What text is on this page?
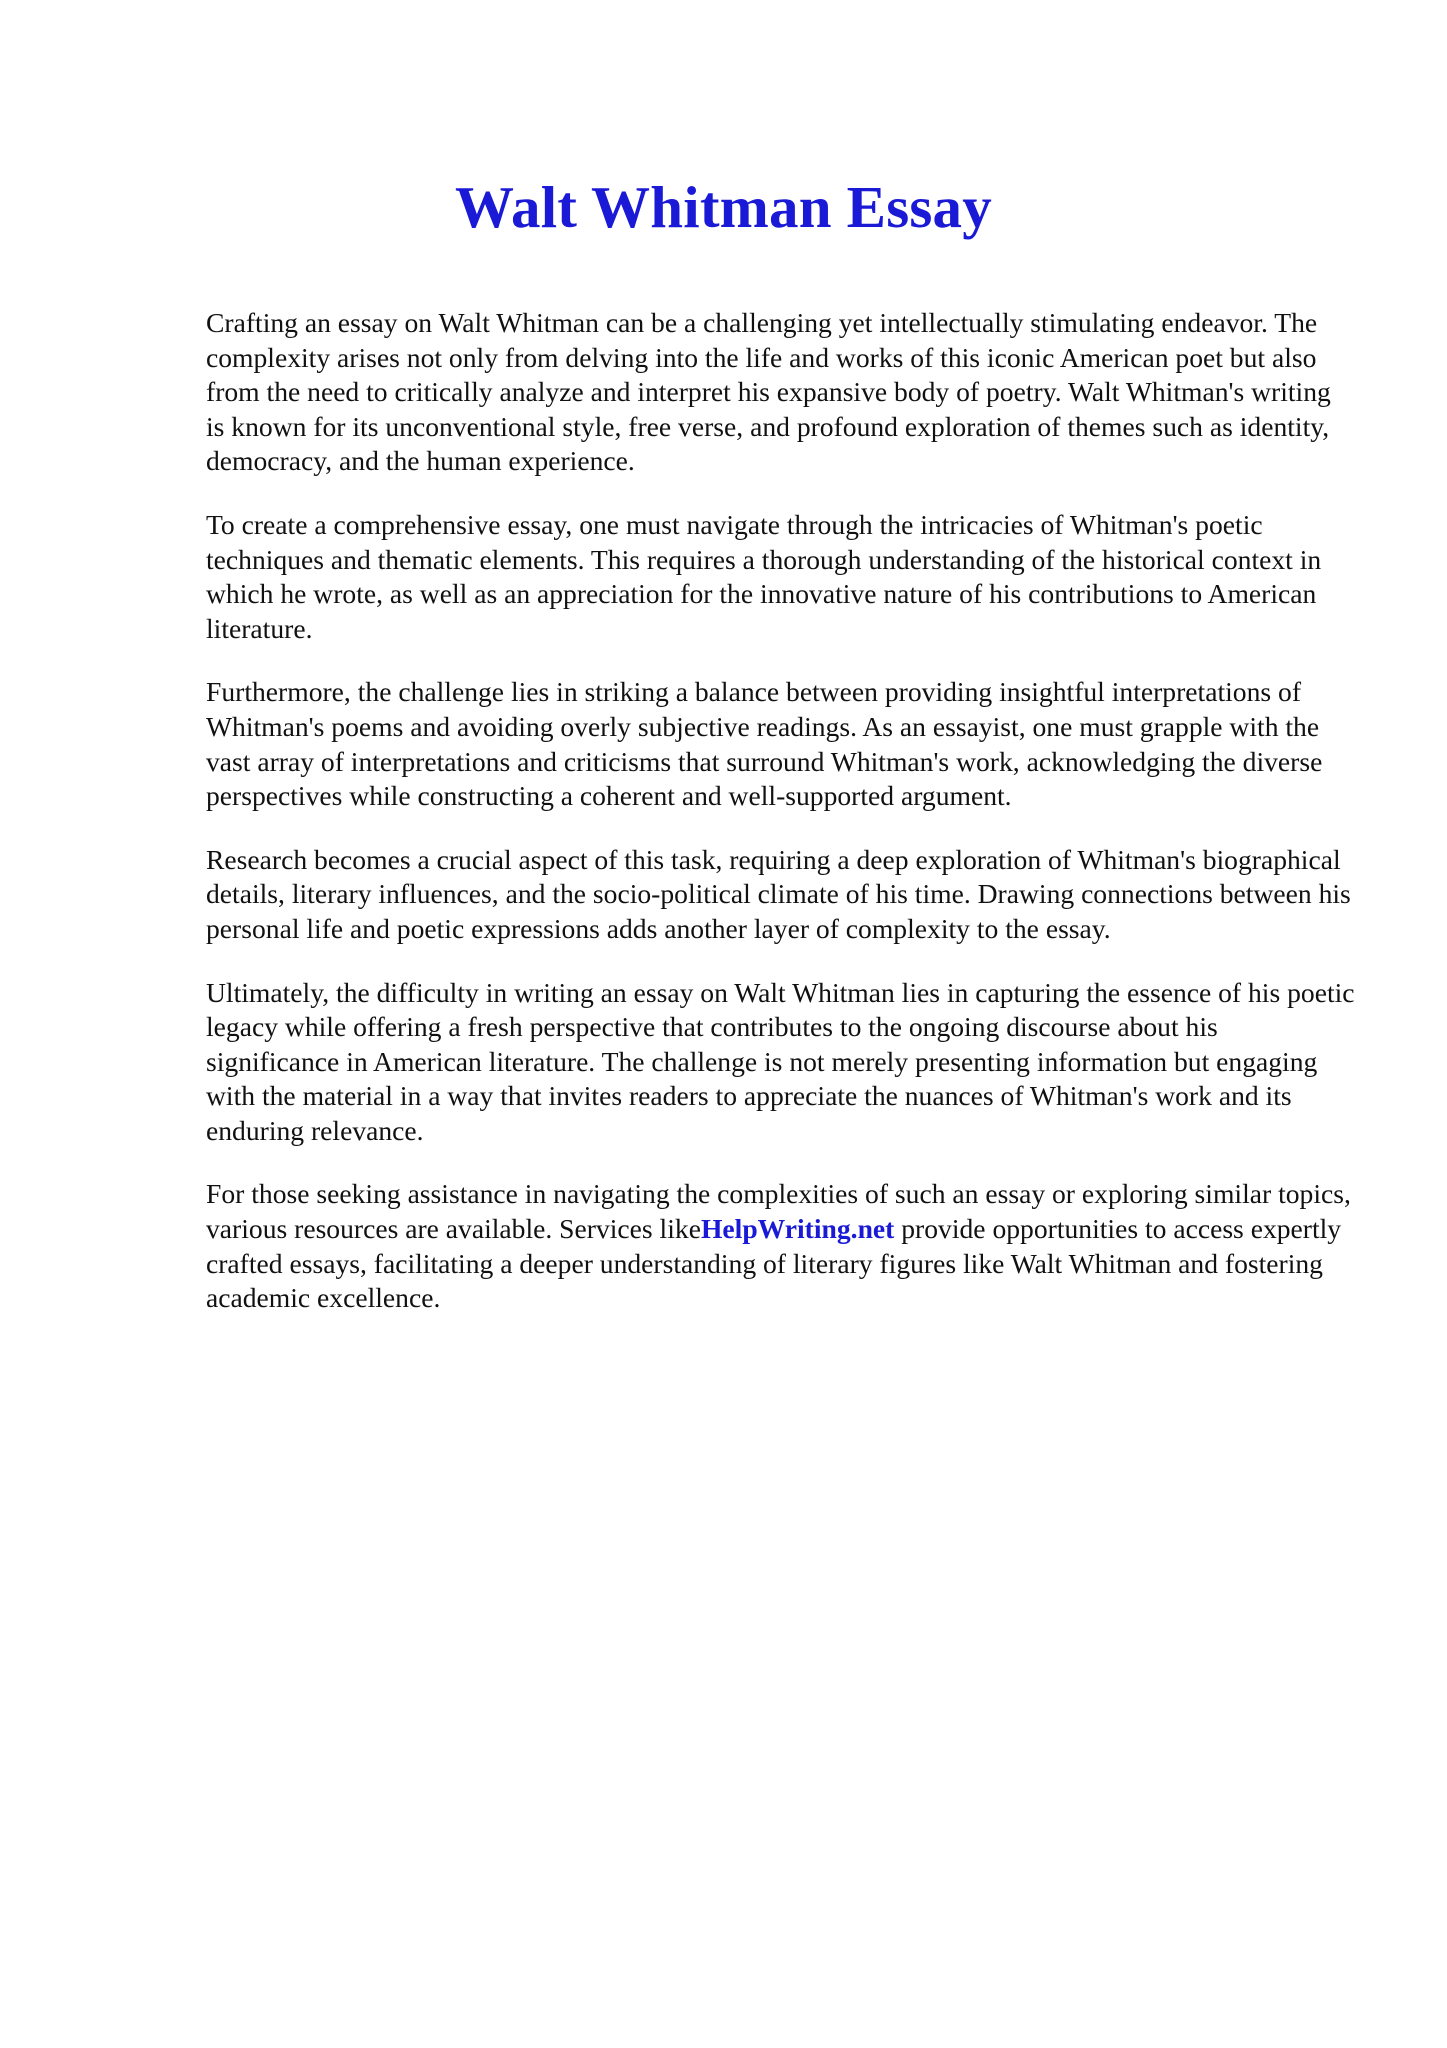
Walt Whitman Essay

Crafting an essay on Walt Whitman can be a challenging yet intellectually stimulating endeavor. The complexity arises not only from delving into the life and works of this iconic American poet but also from the need to critically analyze and interpret his expansive body of poetry. Walt Whitman's writing is known for its unconventional style, free verse, and profound exploration of themes such as identity, democracy, and the human experience.

To create a comprehensive essay, one must navigate through the intricacies of Whitman's poetic techniques and thematic elements. This requires a thorough understanding of the historical context in which he wrote, as well as an appreciation for the innovative nature of his contributions to American literature.

Furthermore, the challenge lies in striking a balance between providing insightful interpretations of Whitman's poems and avoiding overly subjective readings. As an essayist, one must grapple with the vast array of interpretations and criticisms that surround Whitman's work, acknowledging the diverse perspectives while constructing a coherent and well-supported argument.

Research becomes a crucial aspect of this task, requiring a deep exploration of Whitman's biographical details, literary influences, and the socio-political climate of his time. Drawing connections between his personal life and poetic expressions adds another layer of complexity to the essay.

Ultimately, the difficulty in writing an essay on Walt Whitman lies in capturing the essence of his poetic legacy while offering a fresh perspective that contributes to the ongoing discourse about his significance in American literature. The challenge is not merely presenting information but engaging with the material in a way that invites readers to appreciate the nuances of Whitman's work and its enduring relevance.

For those seeking assistance in navigating the complexities of such an essay or exploring similar topics, various resources are available. Services likeHelpWriting.net provide opportunities to access expertly crafted essays, facilitating a deeper understanding of literary figures like Walt Whitman and fostering academic excellence.
